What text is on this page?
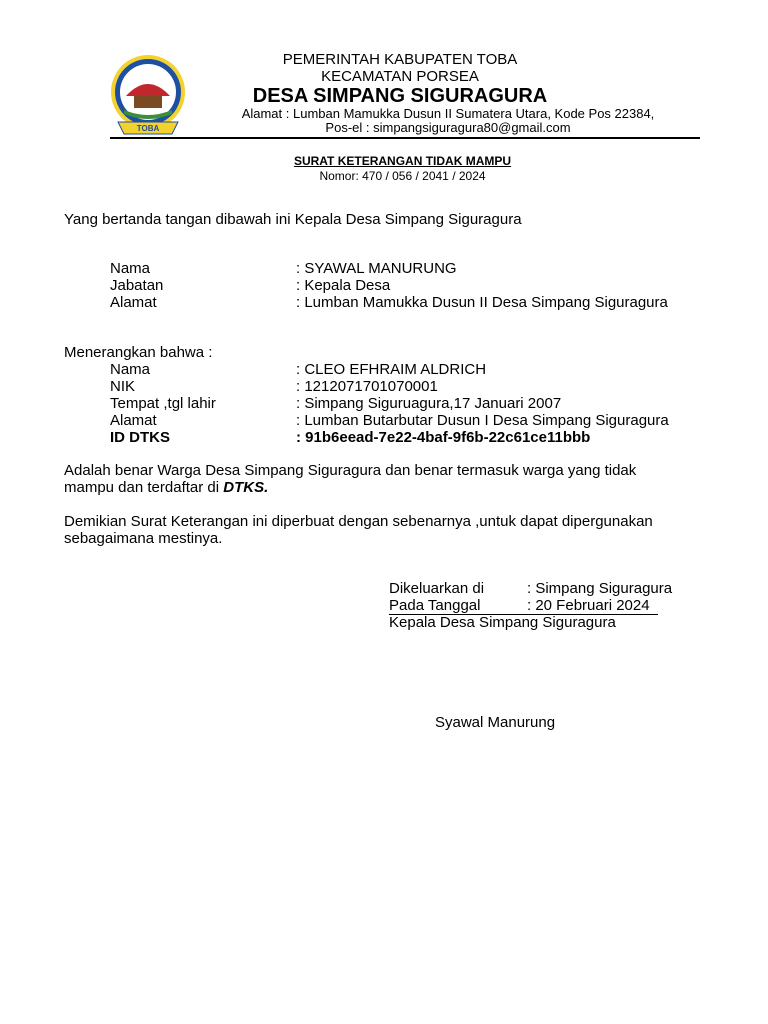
TOBA
PEMERINTAH KABUPATEN TOBA
KECAMATAN PORSEA
DESA SIMPANG SIGURAGURA
Alamat : Lumban Mamukka Dusun II Sumatera Utara, Kode Pos 22384,
Pos-el : simpangsiguragura80@gmail.com
SURAT KETERANGAN TIDAK MAMPU
Nomor: 470 / 056 / 2041 / 2024
Yang bertanda tangan dibawah ini Kepala Desa Simpang Siguragura
Nama	: SYAWAL MANURUNG
Jabatan	: Kepala Desa
Alamat	: Lumban Mamukka Dusun II Desa Simpang Siguragura
Menerangkan bahwa :
Nama	: CLEO EFHRAIM ALDRICH
NIK	: 1212071701070001
Tempat ,tgl lahir	: Simpang Siguruagura,17 Januari 2007
Alamat	: Lumban Butarbutar Dusun I Desa Simpang Siguragura
ID DTKS	: 91b6eead-7e22-4baf-9f6b-22c61ce11bbb
Adalah benar Warga Desa Simpang Siguragura dan benar termasuk warga yang tidak
mampu dan terdaftar di DTKS.
Demikian Surat Keterangan ini diperbuat dengan sebenarnya ,untuk dapat dipergunakan
sebagaimana mestinya.
Dikeluarkan di	: Simpang Siguragura
Pada Tanggal	: 20 Februari 2024
Kepala Desa Simpang Siguragura
Syawal Manurung
